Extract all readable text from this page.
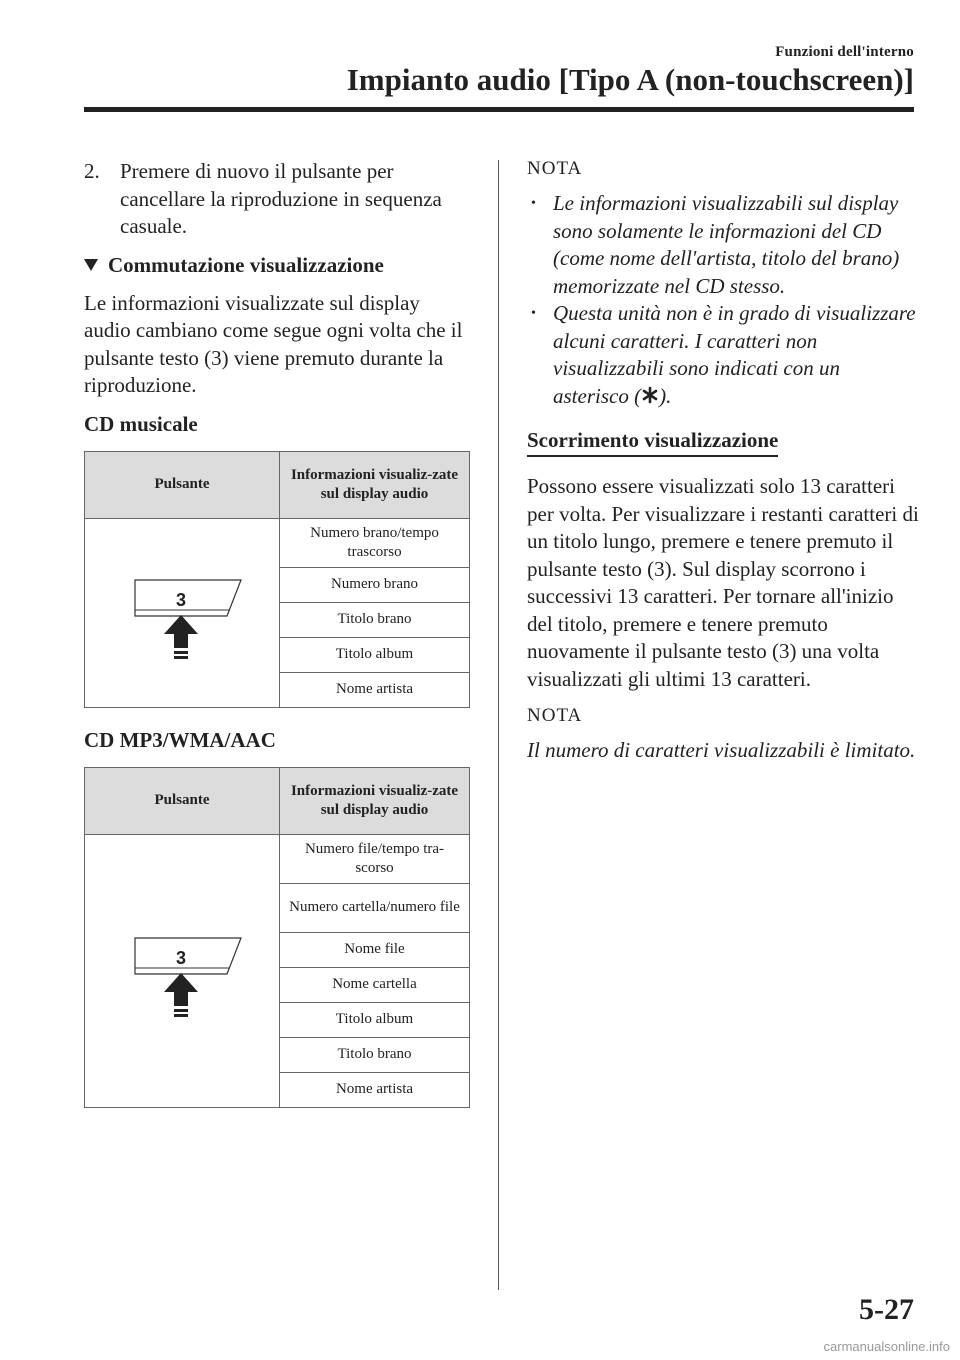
Funzioni dell'interno
Impianto audio [Tipo A (non-touchscreen)]
2. Premere di nuovo il pulsante per cancellare la riproduzione in sequenza casuale.
Commutazione visualizzazione
Le informazioni visualizzate sul display audio cambiano come segue ogni volta che il pulsante testo (3) viene premuto durante la riproduzione.
CD musicale
Pulsante	Informazioni visualiz-zate sul display audio

3	Numero brano/tempo trascorso
	Numero brano
	Titolo brano
	Titolo album
	Nome artista
CD MP3/WMA/AAC
Pulsante	Informazioni visualiz-zate sul display audio

3	Numero file/tempo tra-scorso
	Numero cartella/numero file
	Nome file
	Nome cartella
	Titolo album
	Titolo brano
	Nome artista
NOTA
• Le informazioni visualizzabili sul display sono solamente le informazioni del CD (come nome dell'artista, titolo del brano) memorizzate nel CD stesso.
• Questa unità non è in grado di visualizzare alcuni caratteri. I caratteri non visualizzabili sono indicati con un asterisco ( ).
Scorrimento visualizzazione
Possono essere visualizzati solo 13 caratteri per volta. Per visualizzare i restanti caratteri di un titolo lungo, premere e tenere premuto il pulsante testo (3). Sul display scorrono i successivi 13 caratteri. Per tornare all'inizio del titolo, premere e tenere premuto nuovamente il pulsante testo (3) una volta visualizzati gli ultimi 13 caratteri.
NOTA
Il numero di caratteri visualizzabili è limitato.
5-27
carmanualsonline.info
